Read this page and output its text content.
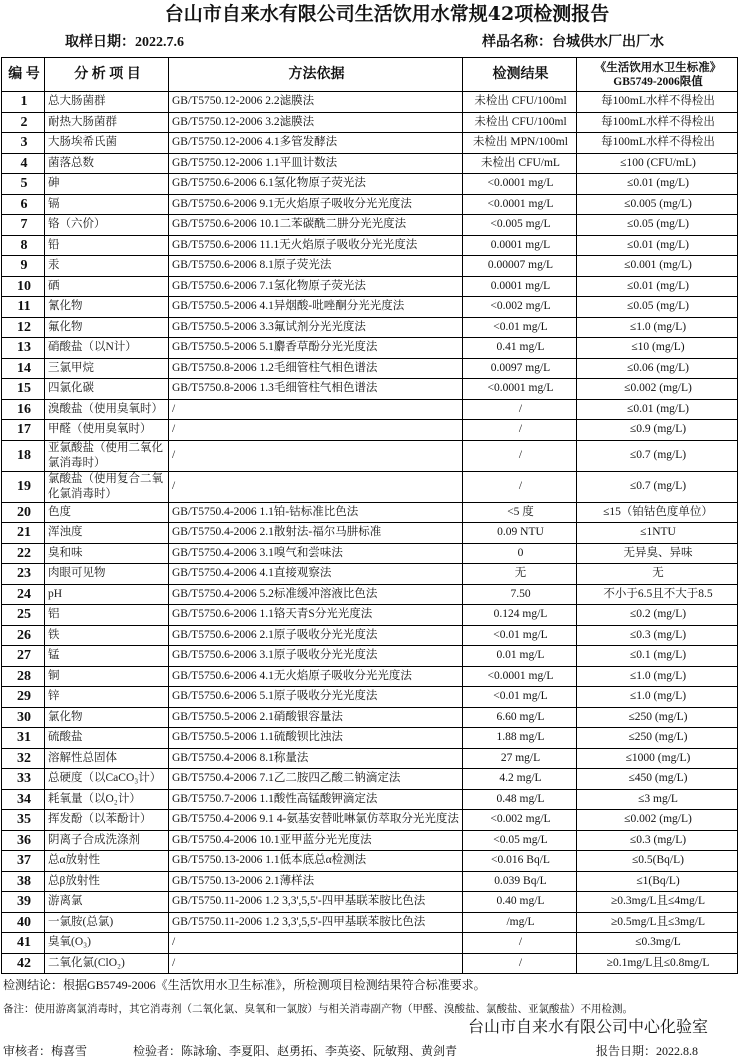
台山市自来水有限公司生活饮用水常规42项检测报告
取样日期：2022.7.6	样品名称：台城供水厂出厂水
编 号	分 析 项 目	方法依据	检测结果	《生活饮用水卫生标准》
GB5749-2006限值

1	总大肠菌群	GB/T5750.12-2006 2.2滤膜法	未检出 CFU/100ml	每100mL水样不得检出
2	耐热大肠菌群	GB/T5750.12-2006 3.2滤膜法	未检出 CFU/100ml	每100mL水样不得检出
3	大肠埃希氏菌	GB/T5750.12-2006 4.1多管发酵法	未检出 MPN/100ml	每100mL水样不得检出
4	菌落总数	GB/T5750.12-2006 1.1平皿计数法	未检出 CFU/mL	≤100 (CFU/mL)
5	砷	GB/T5750.6-2006 6.1氢化物原子荧光法	<0.0001 mg/L	≤0.01 (mg/L)
6	镉	GB/T5750.6-2006 9.1无火焰原子吸收分光光度法	<0.0001 mg/L	≤0.005 (mg/L)
7	铬（六价）	GB/T5750.6-2006 10.1二苯碳酰二肼分光光度法	<0.005 mg/L	≤0.05 (mg/L)
8	铅	GB/T5750.6-2006 11.1无火焰原子吸收分光光度法	0.0001 mg/L	≤0.01 (mg/L)
9	汞	GB/T5750.6-2006 8.1原子荧光法	0.00007 mg/L	≤0.001 (mg/L)
10	硒	GB/T5750.6-2006 7.1氢化物原子荧光法	0.0001 mg/L	≤0.01 (mg/L)
11	氰化物	GB/T5750.5-2006 4.1异烟酸-吡唑酮分光光度法	<0.002 mg/L	≤0.05 (mg/L)
12	氟化物	GB/T5750.5-2006 3.3氟试剂分光光度法	<0.01 mg/L	≤1.0 (mg/L)
13	硝酸盐（以N计）	GB/T5750.5-2006 5.1麝香草酚分光光度法	0.41 mg/L	≤10 (mg/L)
14	三氯甲烷	GB/T5750.8-2006 1.2毛细管柱气相色谱法	0.0097 mg/L	≤0.06 (mg/L)
15	四氯化碳	GB/T5750.8-2006 1.3毛细管柱气相色谱法	<0.0001 mg/L	≤0.002 (mg/L)
16	溴酸盐（使用臭氧时）	/	/	≤0.01 (mg/L)
17	甲醛（使用臭氧时）	/	/	≤0.9 (mg/L)
18	亚氯酸盐（使用二氧化氯消毒时）	/	/	≤0.7 (mg/L)
19	氯酸盐（使用复合二氧化氯消毒时）	/	/	≤0.7 (mg/L)
20	色度	GB/T5750.4-2006 1.1铂-钴标准比色法	<5 度	≤15（铂钴色度单位）
21	浑浊度	GB/T5750.4-2006 2.1散射法-福尔马肼标准	0.09 NTU	≤1NTU
22	臭和味	GB/T5750.4-2006 3.1嗅气和尝味法	0	无异臭、异味
23	肉眼可见物	GB/T5750.4-2006 4.1直接观察法	无	无
24	pH	GB/T5750.4-2006 5.2标准缓冲溶液比色法	7.50	不小于6.5且不大于8.5
25	铝	GB/T5750.6-2006 1.1铬天青S分光光度法	0.124 mg/L	≤0.2 (mg/L)
26	铁	GB/T5750.6-2006 2.1原子吸收分光光度法	<0.01 mg/L	≤0.3 (mg/L)
27	锰	GB/T5750.6-2006 3.1原子吸收分光光度法	0.01 mg/L	≤0.1 (mg/L)
28	铜	GB/T5750.6-2006 4.1无火焰原子吸收分光光度法	<0.0001 mg/L	≤1.0 (mg/L)
29	锌	GB/T5750.6-2006 5.1原子吸收分光光度法	<0.01 mg/L	≤1.0 (mg/L)
30	氯化物	GB/T5750.5-2006 2.1硝酸银容量法	6.60 mg/L	≤250 (mg/L)
31	硫酸盐	GB/T5750.5-2006 1.1硫酸钡比浊法	1.88 mg/L	≤250 (mg/L)
32	溶解性总固体	GB/T5750.4-2006 8.1称量法	27 mg/L	≤1000 (mg/L)
33	总硬度（以CaCO₃计）	GB/T5750.4-2006 7.1乙二胺四乙酸二钠滴定法	4.2 mg/L	≤450 (mg/L)
34	耗氧量（以O₂计）	GB/T5750.7-2006 1.1酸性高锰酸钾滴定法	0.48 mg/L	≤3 mg/L
35	挥发酚（以苯酚计）	GB/T5750.4-2006 9.1 4-氨基安替吡啉氯仿萃取分光光度法	<0.002 mg/L	≤0.002 (mg/L)
36	阴离子合成洗涤剂	GB/T5750.4-2006 10.1亚甲蓝分光光度法	<0.05 mg/L	≤0.3 (mg/L)
37	总α放射性	GB/T5750.13-2006 1.1低本底总α检测法	<0.016 Bq/L	≤0.5(Bq/L)
38	总β放射性	GB/T5750.13-2006 2.1薄样法	0.039 Bq/L	≤1(Bq/L)
39	游离氯	GB/T5750.11-2006 1.2 3,3',5,5'-四甲基联苯胺比色法	0.40 mg/L	≥0.3mg/L且≤4mg/L
40	一氯胺(总氯)	GB/T5750.11-2006 1.2 3,3',5,5'-四甲基联苯胺比色法	/mg/L	≥0.5mg/L且≤3mg/L
41	臭氧(O₃)	/	/	≤0.3mg/L
42	二氧化氯(ClO₂)	/	/	≥0.1mg/L且≤0.8mg/L
检测结论：根据GB5749-2006《生活饮用水卫生标准》，所检测项目检测结果符合标准要求。
备注：使用游离氯消毒时，其它消毒剂（二氧化氯、臭氧和一氯胺）与相关消毒副产物（甲醛、溴酸盐、氯酸盐、亚氯酸盐）不用检测。
台山市自来水有限公司中心化验室
审核者：梅喜雪	检验者：陈詠瑜、李夏阳、赵勇拓、李英姿、阮敏翔、黄剑青	报告日期：2022.8.8
